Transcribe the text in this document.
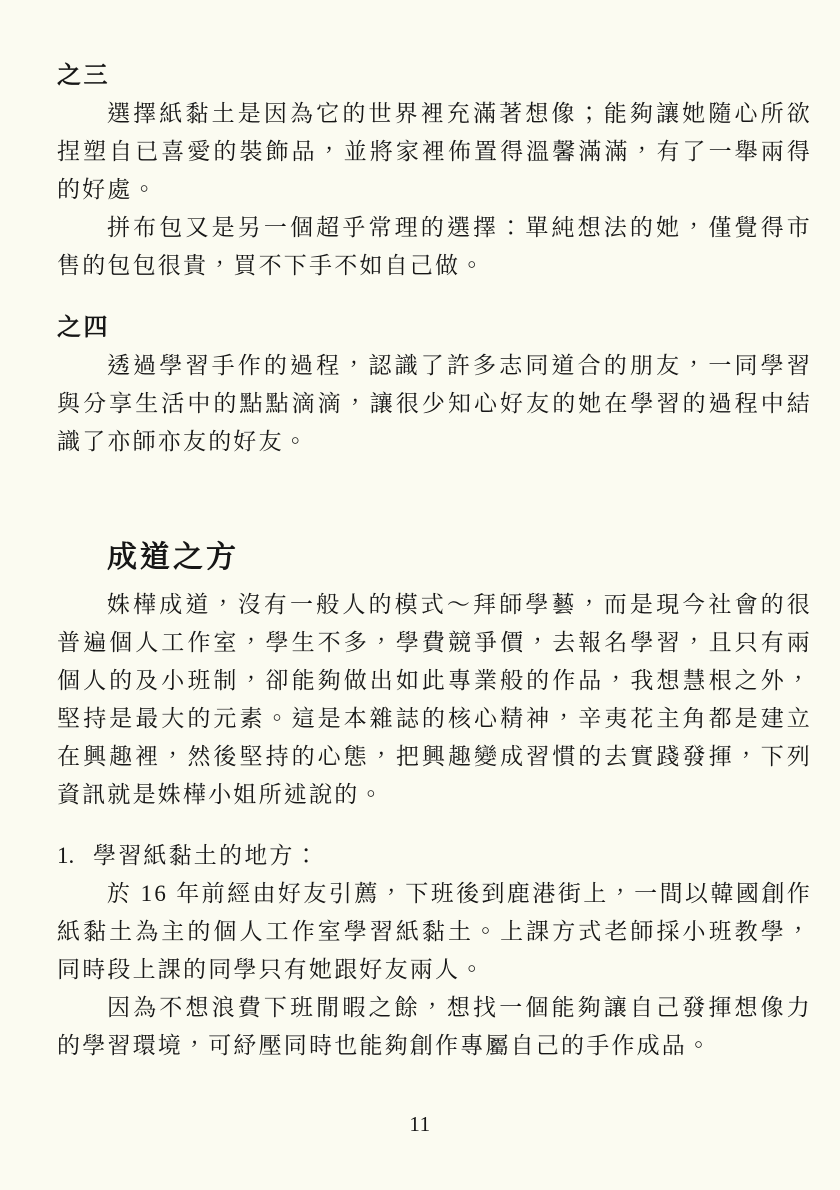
之三

選擇紙黏土是因為它的世界裡充滿著想像；能夠讓她隨心所欲捏塑自已喜愛的裝飾品，並將家裡佈置得溫馨滿滿，有了一舉兩得的好處。

拼布包又是另一個超乎常理的選擇：單純想法的她，僅覺得市售的包包很貴，買不下手不如自己做。

之四

透過學習手作的過程，認識了許多志同道合的朋友，一同學習與分享生活中的點點滴滴，讓很少知心好友的她在學習的過程中結識了亦師亦友的好友。

成道之方

姝樺成道，沒有一般人的模式～拜師學藝，而是現今社會的很普遍個人工作室，學生不多，學費競爭價，去報名學習，且只有兩個人的及小班制，卻能夠做出如此專業般的作品，我想慧根之外，堅持是最大的元素。這是本雜誌的核心精神，辛夷花主角都是建立在興趣裡，然後堅持的心態，把興趣變成習慣的去實踐發揮，下列資訊就是姝樺小姐所述說的。

1. 學習紙黏土的地方：

於 16 年前經由好友引薦，下班後到鹿港街上，一間以韓國創作紙黏土為主的個人工作室學習紙黏土。上課方式老師採小班教學，同時段上課的同學只有她跟好友兩人。

因為不想浪費下班閒暇之餘，想找一個能夠讓自己發揮想像力的學習環境，可紓壓同時也能夠創作專屬自己的手作成品。

11
